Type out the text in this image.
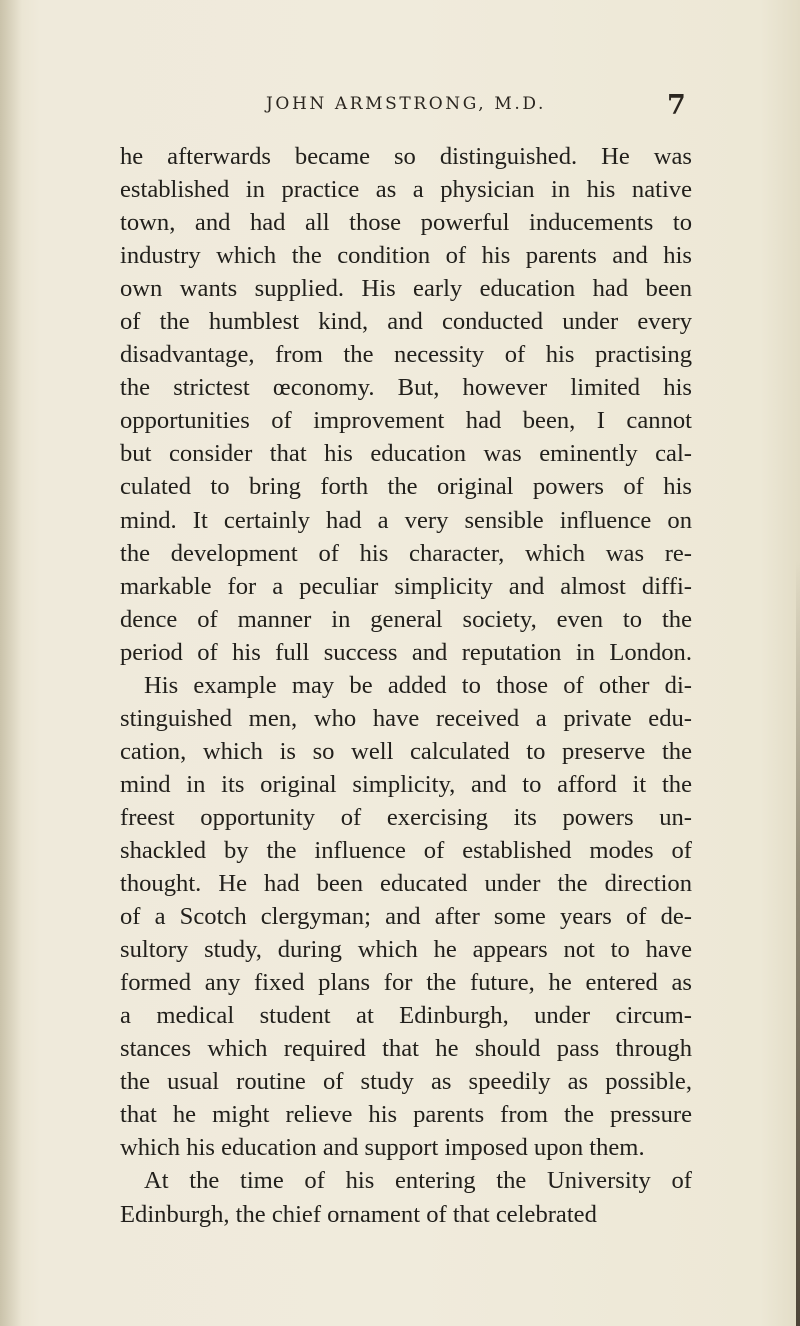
JOHN ARMSTRONG, M.D.	7
he afterwards became so distinguished. He was
established in practice as a physician in his native
town, and had all those powerful inducements to
industry which the condition of his parents and his
own wants supplied. His early education had been
of the humblest kind, and conducted under every
disadvantage, from the necessity of his practising
the strictest œconomy. But, however limited his
opportunities of improvement had been, I cannot
but consider that his education was eminently cal-
culated to bring forth the original powers of his
mind. It certainly had a very sensible influence on
the development of his character, which was re-
markable for a peculiar simplicity and almost diffi-
dence of manner in general society, even to the
period of his full success and reputation in London.
His example may be added to those of other di-
stinguished men, who have received a private edu-
cation, which is so well calculated to preserve the
mind in its original simplicity, and to afford it the
freest opportunity of exercising its powers un-
shackled by the influence of established modes of
thought. He had been educated under the direction
of a Scotch clergyman; and after some years of de-
sultory study, during which he appears not to have
formed any fixed plans for the future, he entered as
a medical student at Edinburgh, under circum-
stances which required that he should pass through
the usual routine of study as speedily as possible,
that he might relieve his parents from the pressure
which his education and support imposed upon them.
At the time of his entering the University of
Edinburgh, the chief ornament of that celebrated
